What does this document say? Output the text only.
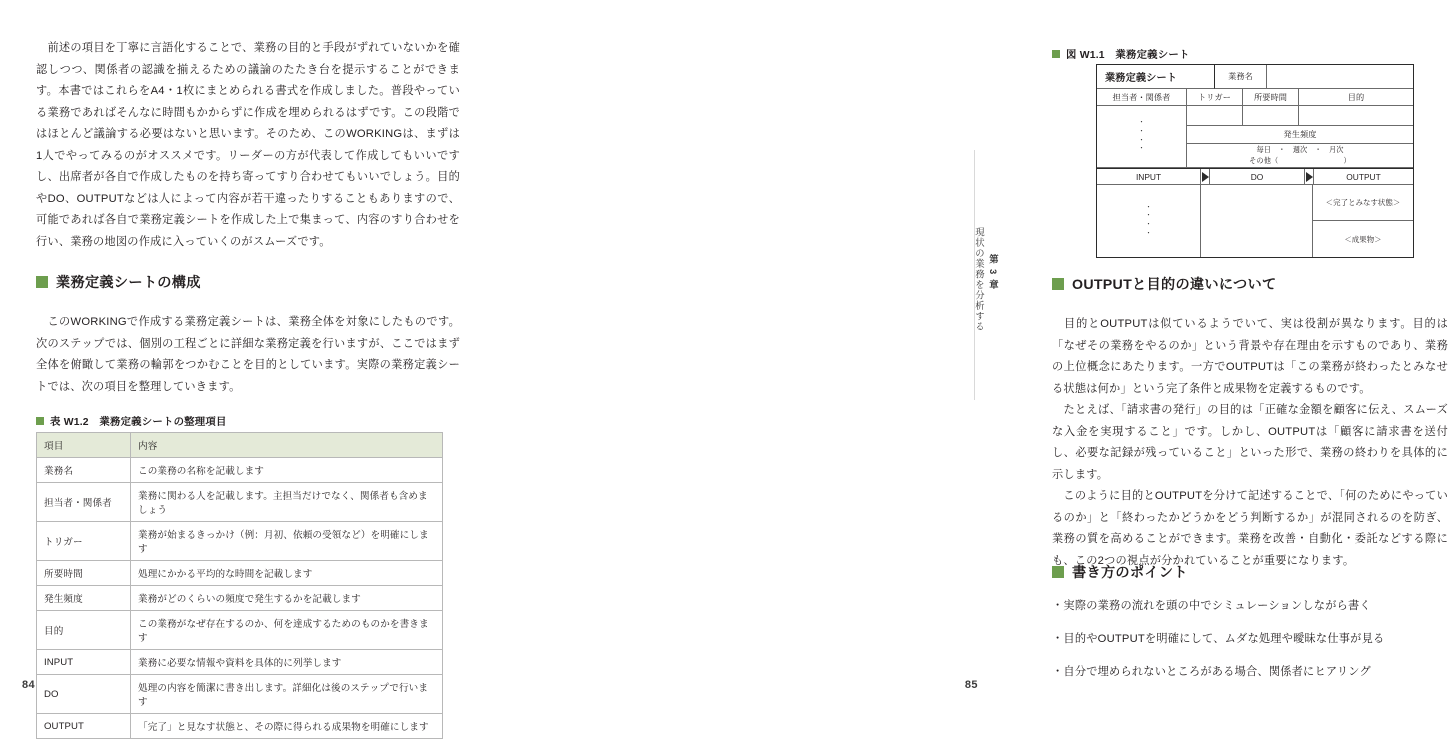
　前述の項目を丁寧に言語化することで、業務の目的と手段がずれていないかを確認しつつ、関係者の認識を揃えるための議論のたたき台を提示することができます。本書ではこれらをA4・1枚にまとめられる書式を作成しました。普段やっている業務であればそんなに時間もかからずに作成を埋められるはずです。この段階ではほとんど議論する必要はないと思います。そのため、このWORKINGは、まずは1人でやってみるのがオススメです。リーダーの方が代表して作成してもいいですし、出席者が各自で作成したものを持ち寄ってすり合わせてもいいでしょう。目的やDO、OUTPUTなどは人によって内容が若干違ったりすることもありますので、可能であれば各自で業務定義シートを作成した上で集まって、内容のすり合わせを行い、業務の地図の作成に入っていくのがスムーズです。

業務定義シートの構成

　このWORKINGで作成する業務定義シートは、業務全体を対象にしたものです。次のステップでは、個別の工程ごとに詳細な業務定義を行いますが、ここではまず全体を俯瞰して業務の輪郭をつかむことを目的としています。実際の業務定義シートでは、次の項目を整理していきます。

表 W1.2　業務定義シートの整理項目
項目	内容
業務名	この業務の名称を記載します
担当者・関係者	業務に関わる人を記載します。主担当だけでなく、関係者も含めましょう
トリガー	業務が始まるきっかけ（例：月初、依頼の受領など）を明確にします
所要時間	処理にかかる平均的な時間を記載します
発生頻度	業務がどのくらいの頻度で発生するかを記載します
目的	この業務がなぜ存在するのか、何を達成するためのものかを書きます
INPUT	業務に必要な情報や資料を具体的に列挙します
DO	処理の内容を簡潔に書き出します。詳細化は後のステップで行います
OUTPUT	「完了」と見なす状態と、その際に得られる成果物を明確にします
84
図 W1.1　業務定義シート
業務定義シート	業務名
担当者・関係者	トリガー	所要時間	目的
・
・
・
・
発生頻度
毎日　・　週次　・　月次
その他（　　　　　　　　　）
INPUT	DO	OUTPUT
・
・
・
・
＜完了とみなす状態＞
＜成果物＞
OUTPUTと目的の違いについて

　目的とOUTPUTは似ているようでいて、実は役割が異なります。目的は「なぜその業務をやるのか」という背景や存在理由を示すものであり、業務の上位概念にあたります。一方でOUTPUTは「この業務が終わったとみなせる状態は何か」という完了条件と成果物を定義するものです。

　たとえば、「請求書の発行」の目的は「正確な金額を顧客に伝え、スムーズな入金を実現すること」です。しかし、OUTPUTは「顧客に請求書を送付し、必要な記録が残っていること」といった形で、業務の終わりを具体的に示します。

　このように目的とOUTPUTを分けて記述することで、「何のためにやっているのか」と「終わったかどうかをどう判断するか」が混同されるのを防ぎ、業務の質を高めることができます。業務を改善・自動化・委託などする際にも、この2つの視点が分かれていることが重要になります。

書き方のポイント
・実際の業務の流れを頭の中でシミュレーションしながら書く
・目的やOUTPUTを明確にして、ムダな処理や曖昧な仕事が見る
・自分で埋められないところがある場合、関係者にヒアリング
第 3 章
現状の業務を分析する
85
